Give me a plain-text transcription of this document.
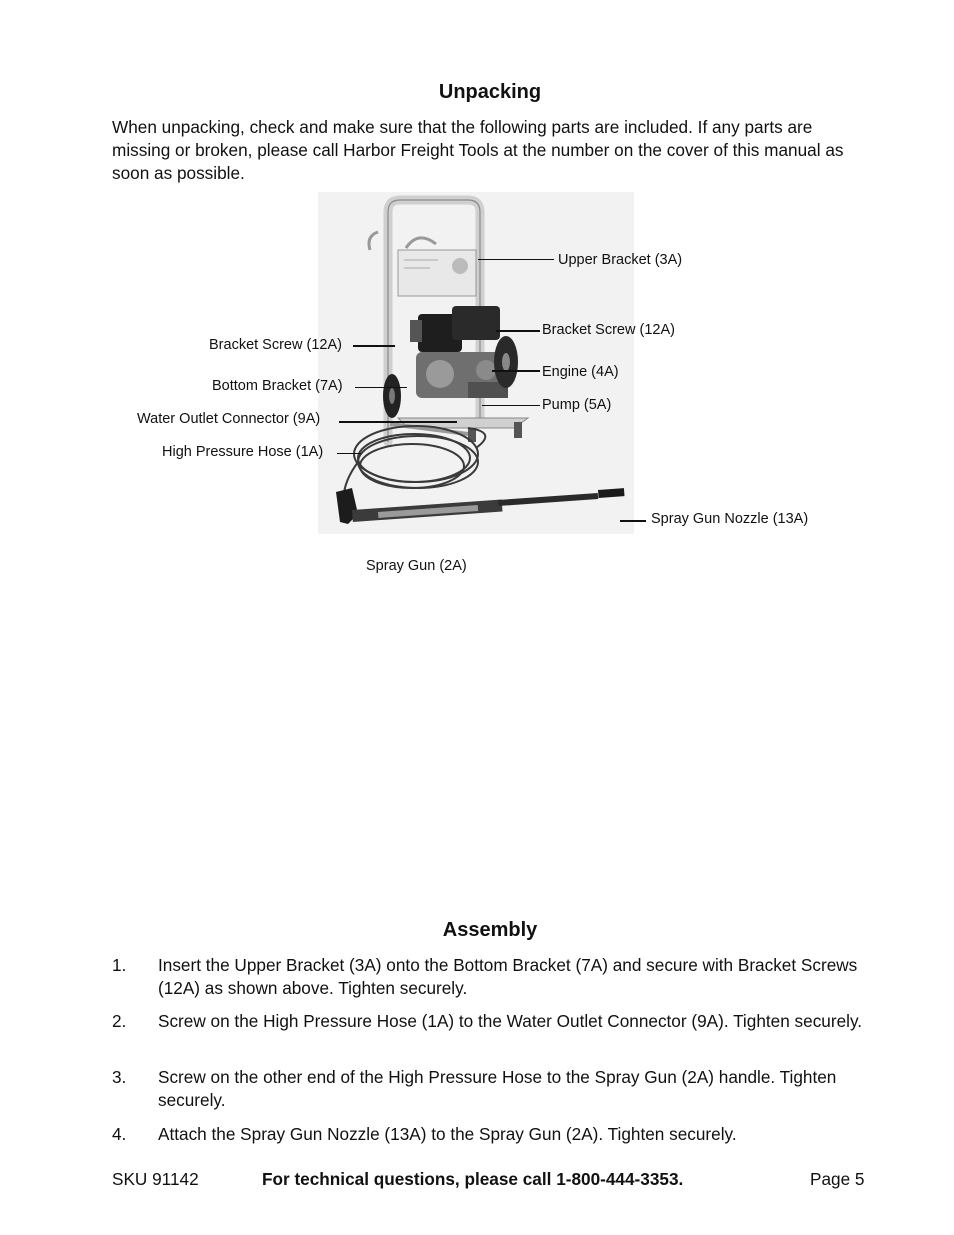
Unpacking
When unpacking, check and make sure that the following parts are included. If any parts are missing or broken, please call Harbor Freight Tools at the number on the cover of this manual as soon as possible.
Upper Bracket (3A)
Bracket Screw (12A)
Bracket Screw (12A)
Engine (4A)
Bottom Bracket (7A)
Pump (5A)
Water Outlet Connector (9A)
High Pressure Hose (1A)
Spray Gun Nozzle (13A)
Spray Gun (2A)
Assembly
1. Insert the Upper Bracket (3A) onto the Bottom Bracket (7A) and secure with Bracket Screws (12A) as shown above. Tighten securely.
2. Screw on the High Pressure Hose (1A) to the Water Outlet Connector (9A). Tighten securely.
3. Screw on the other end of the High Pressure Hose to the Spray Gun (2A) handle. Tighten securely.
4. Attach the Spray Gun Nozzle (13A) to the Spray Gun (2A). Tighten securely.
SKU 91142	For technical questions, please call 1-800-444-3353.	Page 5
